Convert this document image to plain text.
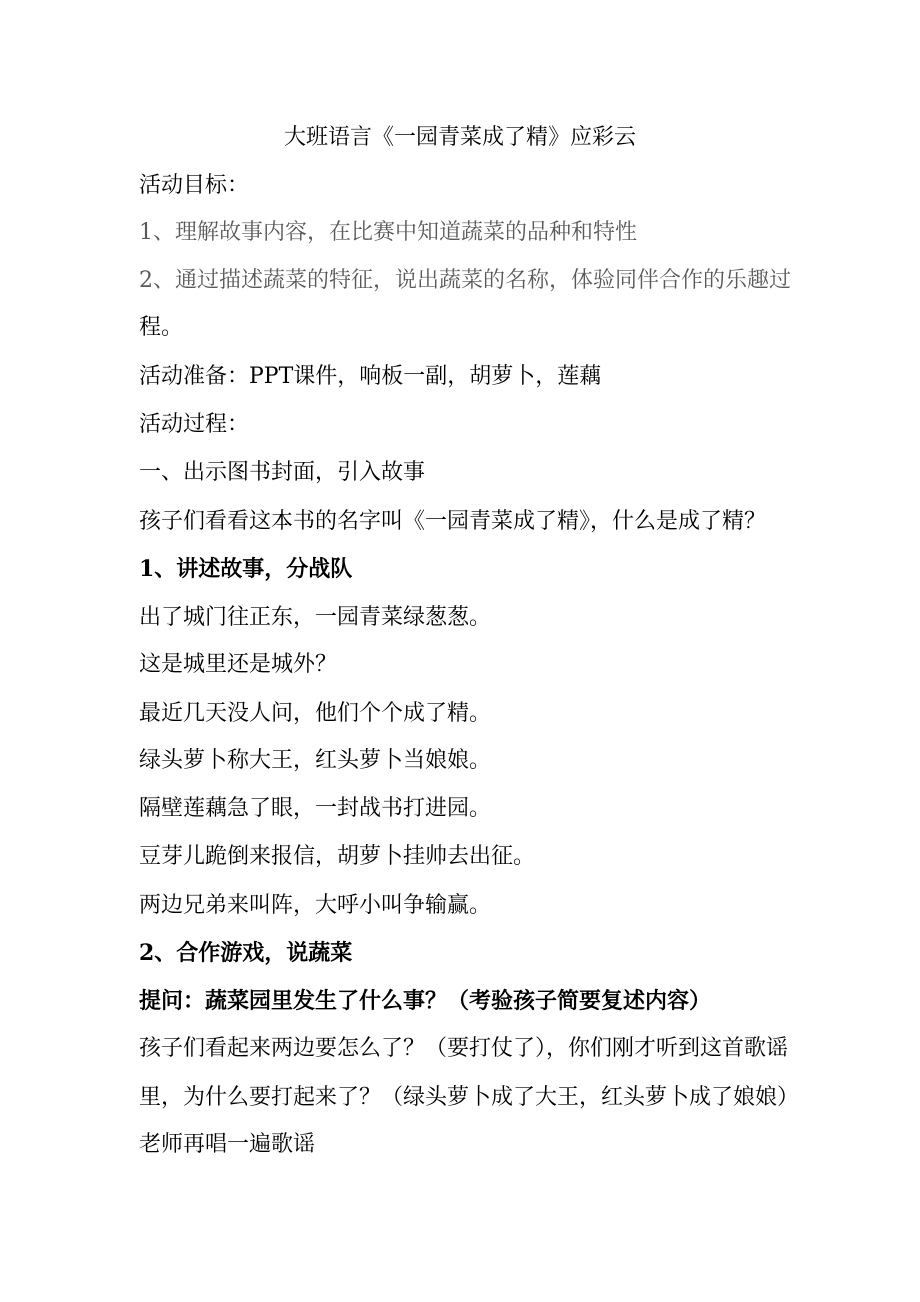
大班语言《一园青菜成了精》应彩云
活动目标：
1、理解故事内容，在比赛中知道蔬菜的品种和特性
2、通过描述蔬菜的特征，说出蔬菜的名称，体验同伴合作的乐趣过
程。
活动准备：PPT课件，响板一副，胡萝卜，莲藕
活动过程：
一、出示图书封面，引入故事
孩子们看看这本书的名字叫《一园青菜成了精》，什么是成了精？
1、讲述故事，分战队
出了城门往正东，一园青菜绿葱葱。
这是城里还是城外？
最近几天没人问，他们个个成了精。
绿头萝卜称大王，红头萝卜当娘娘。
隔壁莲藕急了眼，一封战书打进园。
豆芽儿跪倒来报信，胡萝卜挂帅去出征。
两边兄弟来叫阵，大呼小叫争输赢。
2、合作游戏，说蔬菜
提问：蔬菜园里发生了什么事？（考验孩子简要复述内容）
孩子们看起来两边要怎么了？（要打仗了），你们刚才听到这首歌谣
里，为什么要打起来了？（绿头萝卜成了大王，红头萝卜成了娘娘）
老师再唱一遍歌谣
